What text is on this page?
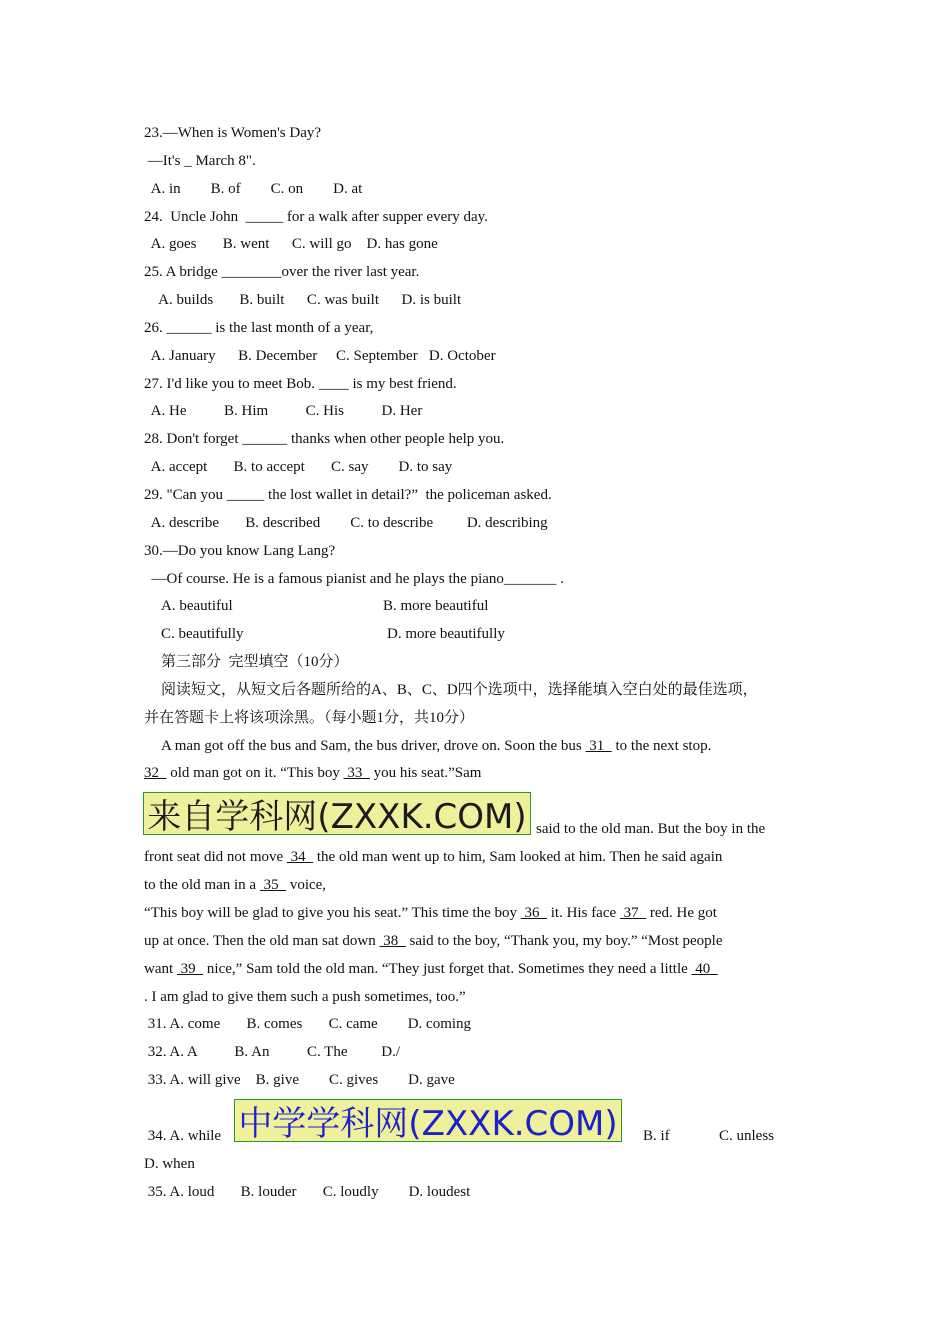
23.—When is Women's Day?
—It's _ March 8".
A. in        B. of        C. on        D. at
24.  Uncle John  _____ for a walk after supper every day.
A. goes       B. went      C. will go    D. has gone
25. A bridge ________over the river last year.
A. builds       B. built      C. was built      D. is built
26. ______ is the last month of a year,
A. January      B. December     C. September   D. October
27. I'd like you to meet Bob. ____ is my best friend.
A. He          B. Him          C. His          D. Her
28. Don't forget ______ thanks when other people help you.
A. accept       B. to accept       C. say        D. to say
29. "Can you _____ the lost wallet in detail?”  the policeman asked.
A. describe       B. described        C. to describe         D. describing
30.—Do you know Lang Lang?
—Of course. He is a famous pianist and he plays the piano_______ .
A. beautiful	B. more beautiful
C. beautifully	D. more beautifully
第三部分  完型填空（10分）
阅读短文，从短文后各题所给的A、B、C、D四个选项中，选择能填入空白处的最佳选项，
并在答题卡上将该项涂黑。（每小题1分，共10分）
A man got off the bus and Sam, the bus driver, drove on. Soon the bus  31   to the next stop.
32   old man got on it. “This boy  33   you his seat.”Sam
来自学科网(ZXXK.COM) said to the old man. But the boy in the
front seat did not move  34   the old man went up to him, Sam looked at him. Then he said again
to the old man in a  35   voice,
“This boy will be glad to give you his seat.” This time the boy  36   it. His face  37   red. He got
up at once. Then the old man sat down  38   said to the boy, “Thank you, my boy.” “Most people
want  39   nice,” Sam told the old man. “They just forget that. Sometimes they need a little  40
. I am glad to give them such a push sometimes, too.”
31. A. come       B. comes       C. came        D. coming
32. A. A          B. An          C. The         D./
33. A. will give    B. give        C. gives        D. gave
34. A. while 中学学科网(ZXXK.COM) B. if	C. unless
D. when
35. A. loud       B. louder       C. loudly        D. loudest
